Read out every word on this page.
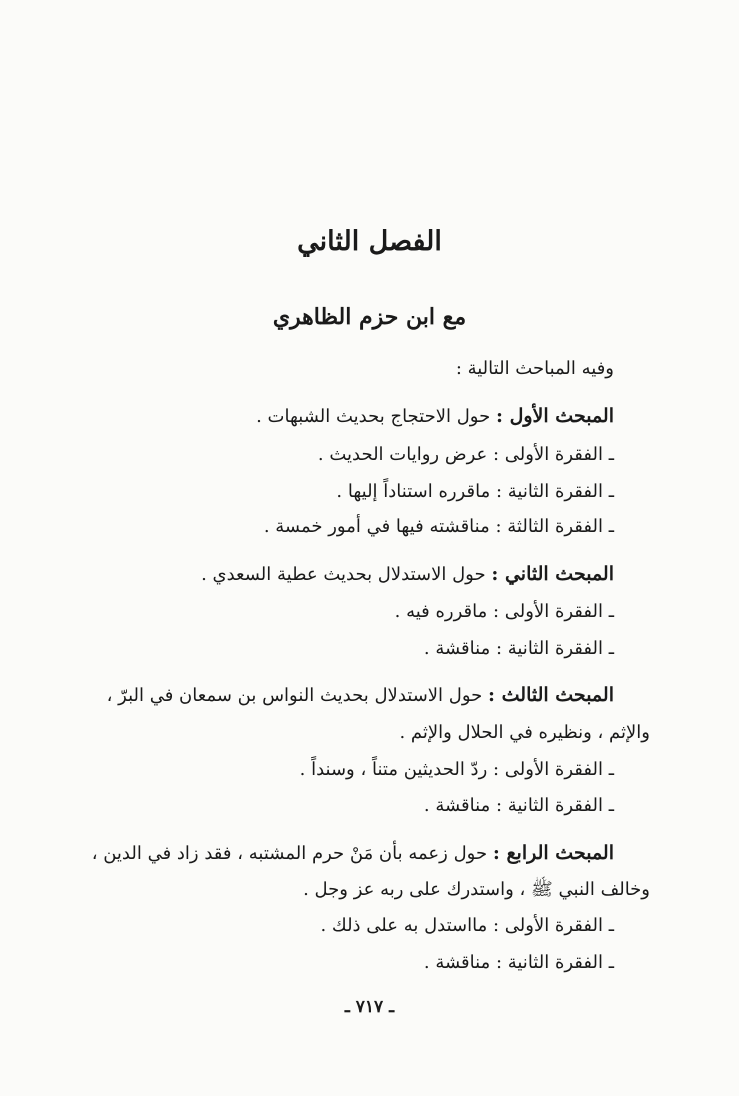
الفصل الثاني
مع ابن حزم الظاهري
وفيه المباحث التالية :
المبحث الأول : حول الاحتجاج بحديث الشبهات .
ـ الفقرة الأولى : عرض روايات الحديث .
ـ الفقرة الثانية : ماقرره استناداً إليها .
ـ الفقرة الثالثة : مناقشته فيها في أمور خمسة .
المبحث الثاني : حول الاستدلال بحديث عطية السعدي .
ـ الفقرة الأولى : ماقرره فيه .
ـ الفقرة الثانية : مناقشة .
المبحث الثالث : حول الاستدلال بحديث النواس بن سمعان في البرّ ،
والإثم ، ونظيره في الحلال والإثم .
ـ الفقرة الأولى : ردّ الحديثين متناً ، وسنداً .
ـ الفقرة الثانية : مناقشة .
المبحث الرابع : حول زعمه بأن مَنْ حرم المشتبه ، فقد زاد في الدين ،
وخالف النبي ﷺ ، واستدرك على ربه عز وجل .
ـ الفقرة الأولى : مااستدل به على ذلك .
ـ الفقرة الثانية : مناقشة .
ـ ٧١٧ ـ
